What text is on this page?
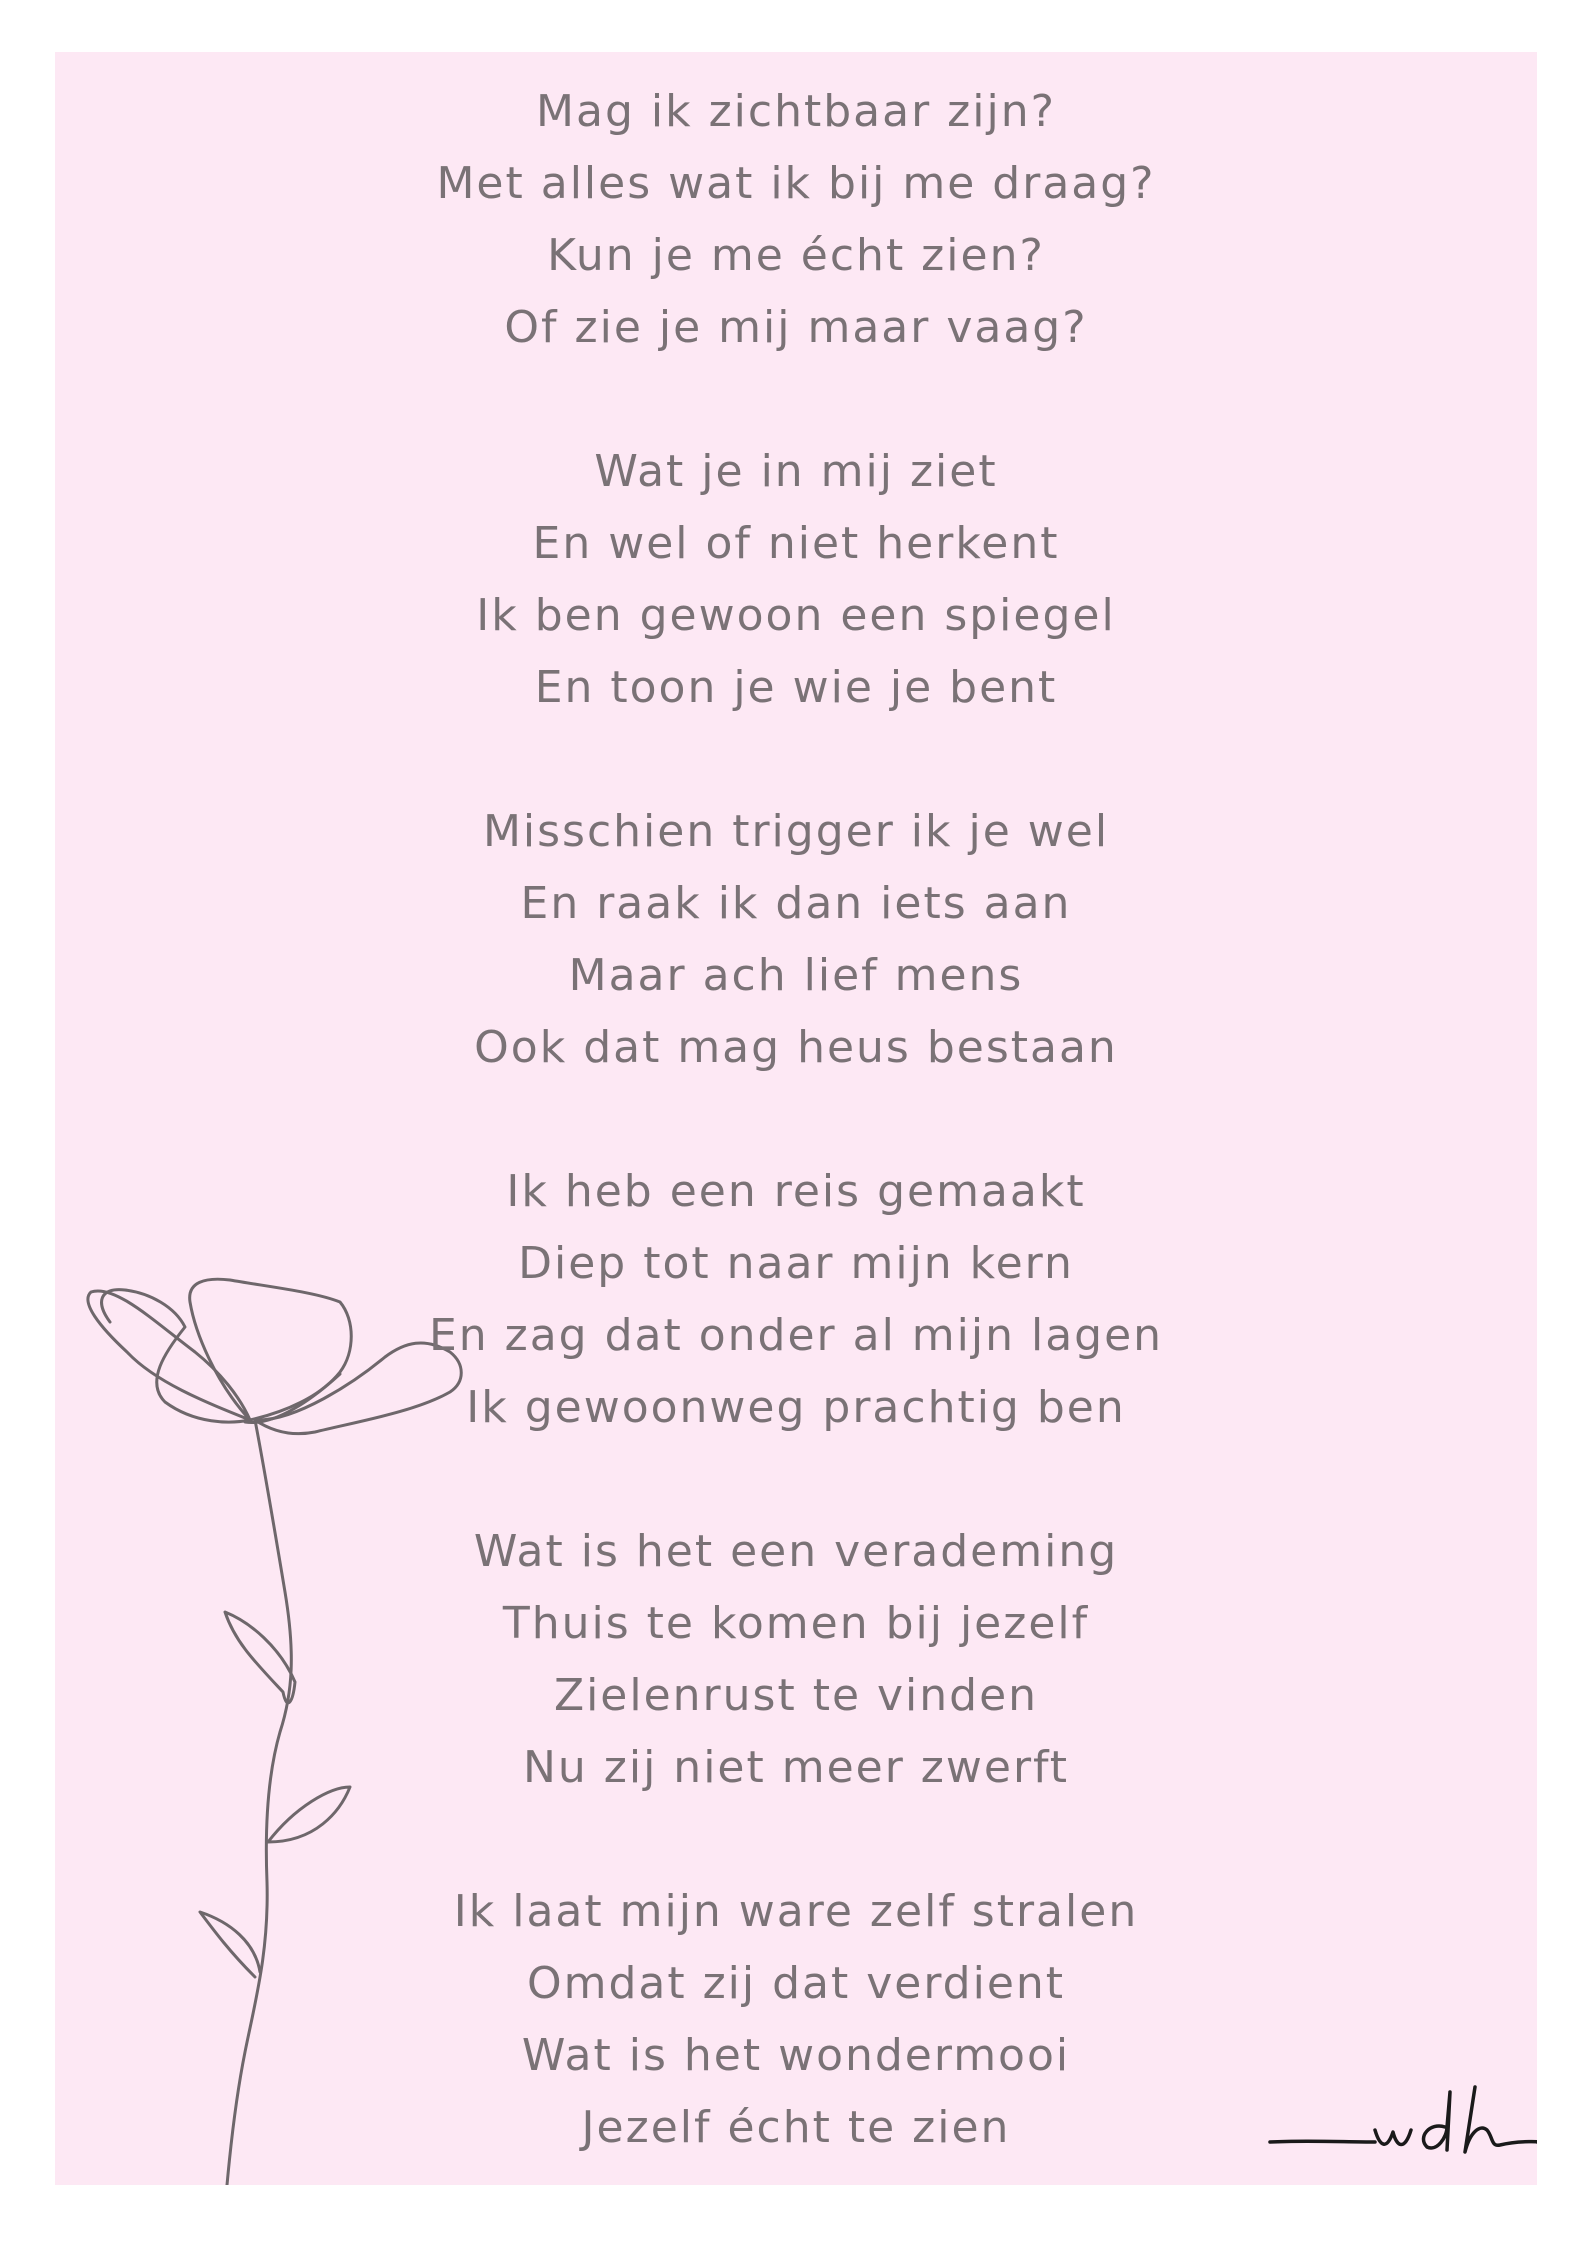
Mag ik zichtbaar zijn?
Met alles wat ik bij me draag?
Kun je me écht zien?
Of zie je mij maar vaag?
Wat je in mij ziet
En wel of niet herkent
Ik ben gewoon een spiegel
En toon je wie je bent
Misschien trigger ik je wel
En raak ik dan iets aan
Maar ach lief mens
Ook dat mag heus bestaan
Ik heb een reis gemaakt
Diep tot naar mijn kern
En zag dat onder al mijn lagen
Ik gewoonweg prachtig ben
Wat is het een verademing
Thuis te komen bij jezelf
Zielenrust te vinden
Nu zij niet meer zwerft
Ik laat mijn ware zelf stralen
Omdat zij dat verdient
Wat is het wondermooi
Jezelf écht te zien
